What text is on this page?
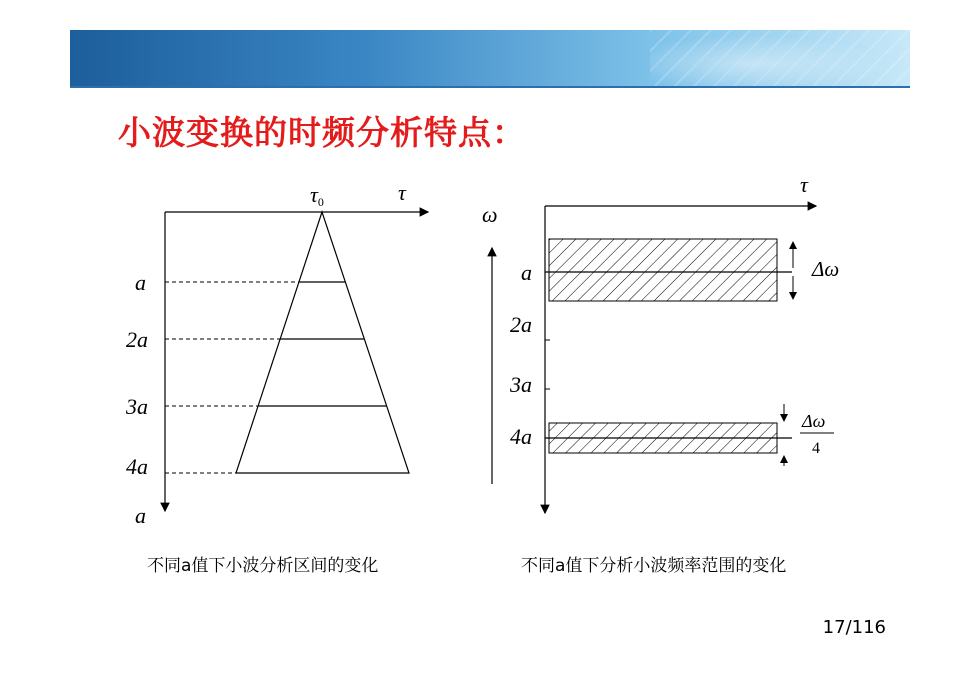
小波变换的时频分析特点：
τ0	τ
a
2a
3a
4a
a
ω
τ
a
2a
3a
4a
Δω
Δω
4
不同a值下小波分析区间的变化	不同a值下分析小波频率范围的变化
17/116
